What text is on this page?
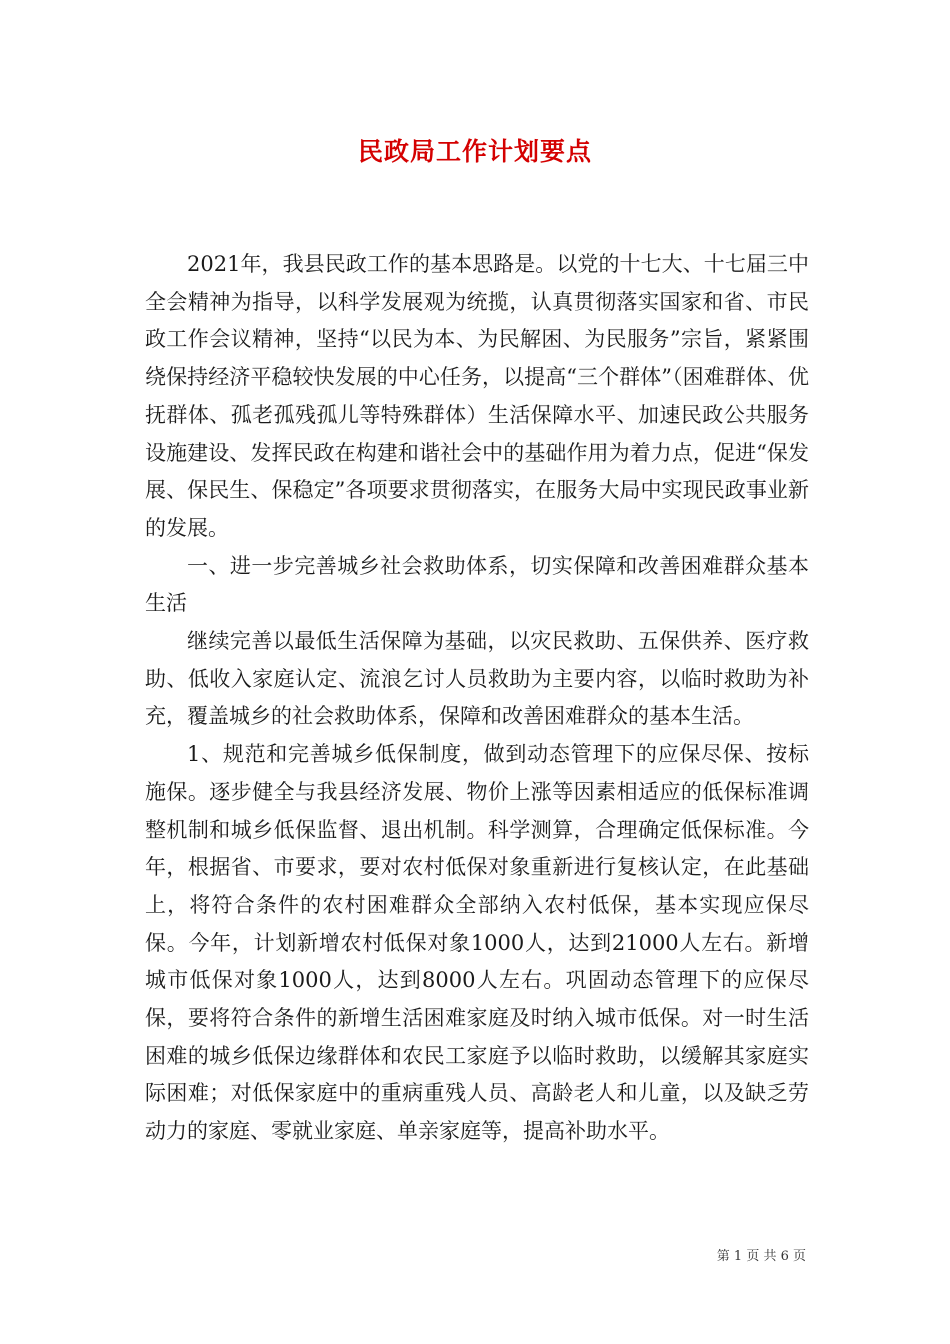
民政局工作计划要点

2021年，我县民政工作的基本思路是。以党的十七大、十七届三中全会精神为指导，以科学发展观为统揽，认真贯彻落实国家和省、市民政工作会议精神，坚持“以民为本、为民解困、为民服务”宗旨，紧紧围绕保持经济平稳较快发展的中心任务，以提高“三个群体”（困难群体、优抚群体、孤老孤残孤儿等特殊群体）生活保障水平、加速民政公共服务设施建设、发挥民政在构建和谐社会中的基础作用为着力点，促进“保发展、保民生、保稳定”各项要求贯彻落实，在服务大局中实现民政事业新的发展。

一、进一步完善城乡社会救助体系，切实保障和改善困难群众基本生活

继续完善以最低生活保障为基础，以灾民救助、五保供养、医疗救助、低收入家庭认定、流浪乞讨人员救助为主要内容，以临时救助为补充，覆盖城乡的社会救助体系，保障和改善困难群众的基本生活。

1、规范和完善城乡低保制度，做到动态管理下的应保尽保、按标施保。逐步健全与我县经济发展、物价上涨等因素相适应的低保标准调整机制和城乡低保监督、退出机制。科学测算，合理确定低保标准。今年，根据省、市要求，要对农村低保对象重新进行复核认定，在此基础上，将符合条件的农村困难群众全部纳入农村低保，基本实现应保尽保。今年，计划新增农村低保对象1000人，达到21000人左右。新增城市低保对象1000人，达到8000人左右。巩固动态管理下的应保尽保，要将符合条件的新增生活困难家庭及时纳入城市低保。对一时生活困难的城乡低保边缘群体和农民工家庭予以临时救助，以缓解其家庭实际困难；对低保家庭中的重病重残人员、高龄老人和儿童，以及缺乏劳动力的家庭、零就业家庭、单亲家庭等，提高补助水平。

第 1 页 共 6 页
